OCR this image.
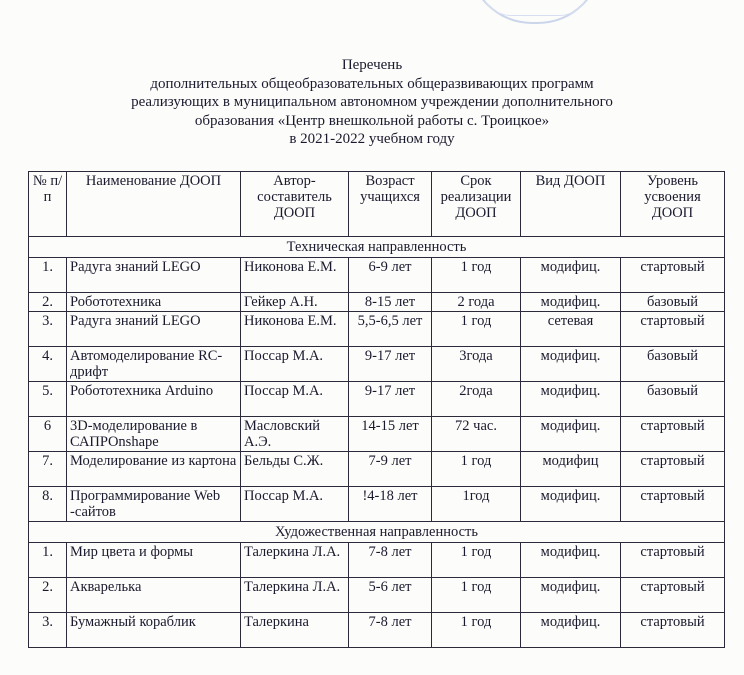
Перечень
дополнительных общеобразовательных общеразвивающих программ
реализующих в муниципальном автономном учреждении дополнительного
образования «Центр внешкольной работы с. Троицкое»
в 2021-2022 учебном году
№ п/п	Наименование ДООП	Автор-составитель ДООП	Возраст учащихся	Срок реализации ДООП	Вид ДООП	Уровень усвоения ДООП
Техническая направленность						
1.	Радуга знаний LEGO	Никонова Е.М.	6-9 лет	1 год	модифиц.	стартовый
2.	Робототехника	Гейкер А.Н.	8-15 лет	2 года	модифиц.	базовый
3.	Радуга знаний LEGO	Никонова Е.М.	5,5-6,5 лет	1 год	сетевая	стартовый
4.	Автомоделирование RC-дрифт	Поссар М.А.	9-17 лет	3года	модифиц.	базовый
5.	Робототехника Arduino	Поссар М.А.	9-17 лет	2года	модифиц.	базовый
6	3D-моделирование в САПРOnshape	Масловский А.Э.	14-15 лет	72 час.	модифиц.	стартовый
7.	Моделирование из картона	Бельды С.Ж.	7-9 лет	1 год	модифиц	стартовый
8.	Программирование Web -сайтов	Поссар М.А.	!4-18 лет	1год	модифиц.	стартовый
Художественная направленность						
1.	Мир цвета и формы	Талеркина Л.А.	7-8 лет	1 год	модифиц.	стартовый
2.	Акварелька	Талеркина Л.А.	5-6 лет	1 год	модифиц.	стартовый
3.	Бумажный кораблик	Талеркина	7-8 лет	1 год	модифиц.	стартовый
